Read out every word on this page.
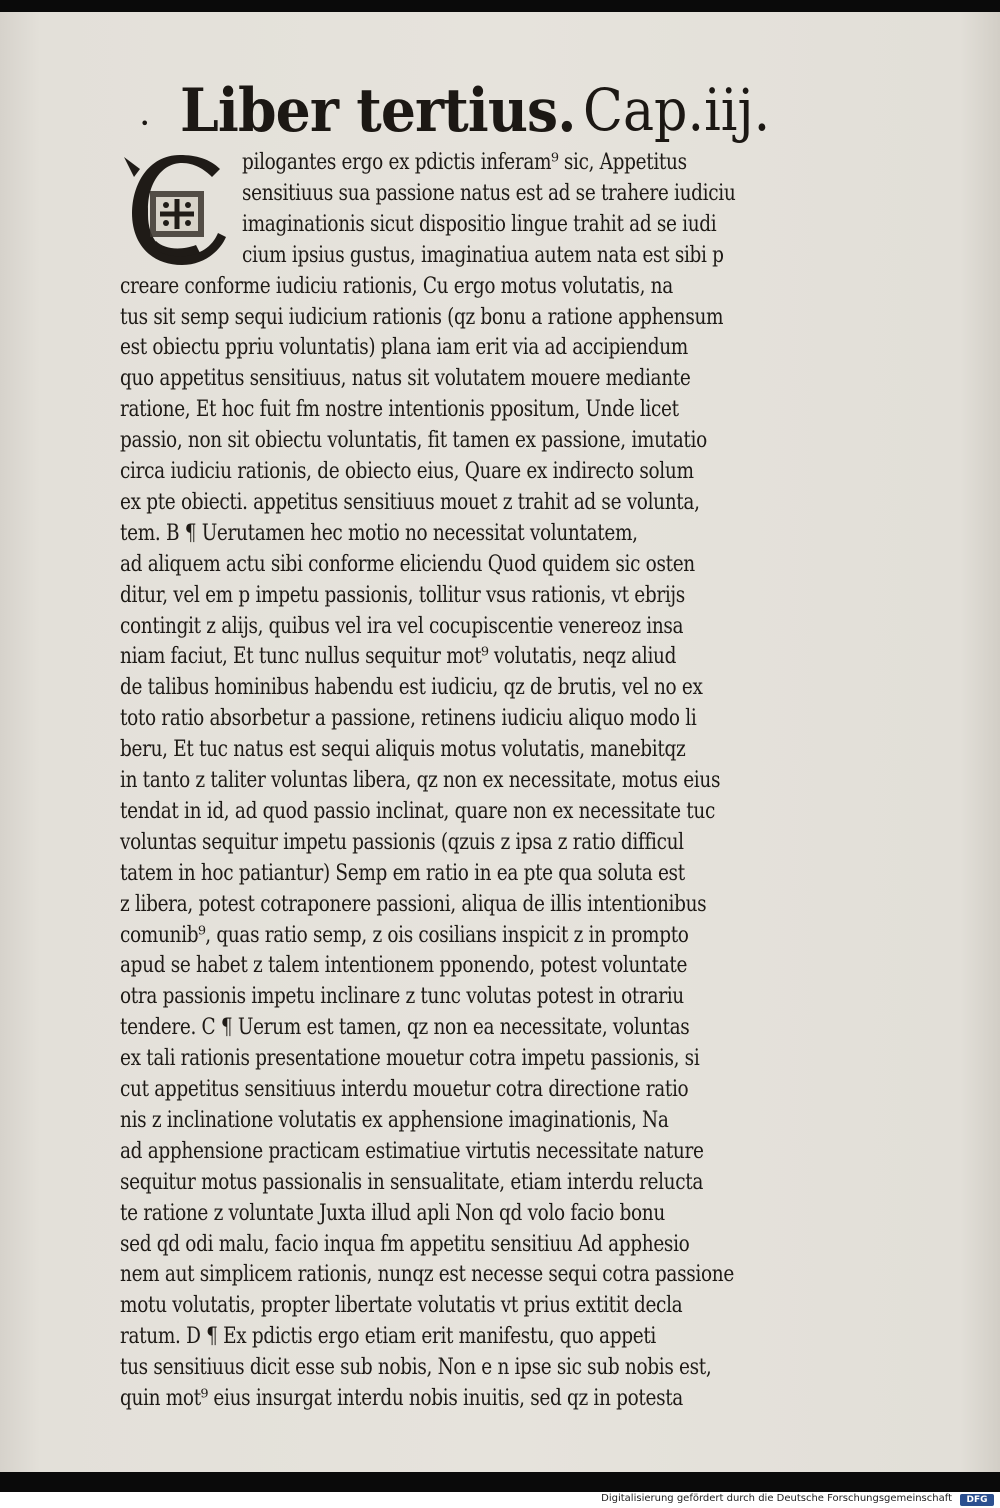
• Liber tertius. Cap.iij.
pilogantes ergo ex pdictis inferam⁹ sic, Appetitus
sensitiuus sua passione natus est ad se trahere iudiciu
imaginationis sicut dispositio lingue trahit ad se iudi
cium ipsius gustus, imaginatiua autem nata est sibi p
creare conforme iudiciu rationis, Cu ergo motus volutatis, na
tus sit semp sequi iudicium rationis (qz bonu a ratione apphensum
est obiectu ppriu voluntatis) plana iam erit via ad accipiendum
quo appetitus sensitiuus, natus sit volutatem mouere mediante
ratione, Et hoc fuit fm nostre intentionis ppositum, Unde licet
passio, non sit obiectu voluntatis, fit tamen ex passione, imutatio
circa iudiciu rationis, de obiecto eius, Quare ex indirecto solum
ex pte obiecti. appetitus sensitiuus mouet z trahit ad se volunta,
tem. B ¶ Uerutamen hec motio no necessitat voluntatem,
ad aliquem actu sibi conforme eliciendu Quod quidem sic osten
ditur, vel em p impetu passionis, tollitur vsus rationis, vt ebrijs
contingit z alijs, quibus vel ira vel cocupiscentie venereoz insa
niam faciut, Et tunc nullus sequitur mot⁹ volutatis, neqz aliud
de talibus hominibus habendu est iudiciu, qz de brutis, vel no ex
toto ratio absorbetur a passione, retinens iudiciu aliquo modo li
beru, Et tuc natus est sequi aliquis motus volutatis, manebitqz
in tanto z taliter voluntas libera, qz non ex necessitate, motus eius
tendat in id, ad quod passio inclinat, quare non ex necessitate tuc
voluntas sequitur impetu passionis (qzuis z ipsa z ratio difficul
tatem in hoc patiantur) Semp em ratio in ea pte qua soluta est
z libera, potest cotraponere passioni, aliqua de illis intentionibus
comunib⁹, quas ratio semp, z ois cosilians inspicit z in prompto
apud se habet z talem intentionem pponendo, potest voluntate
otra passionis impetu inclinare z tunc volutas potest in otrariu
tendere. C ¶ Uerum est tamen, qz non ea necessitate, voluntas
ex tali rationis presentatione mouetur cotra impetu passionis, si
cut appetitus sensitiuus interdu mouetur cotra directione ratio
nis z inclinatione volutatis ex apphensione imaginationis, Na
ad apphensione practicam estimatiue virtutis necessitate nature
sequitur motus passionalis in sensualitate, etiam interdu relucta
te ratione z voluntate Juxta illud apli Non qd volo facio bonu
sed qd odi malu, facio inqua fm appetitu sensitiuu Ad apphesio
nem aut simplicem rationis, nunqz est necesse sequi cotra passione
motu volutatis, propter libertate volutatis vt prius extitit decla
ratum. D ¶ Ex pdictis ergo etiam erit manifestu, quo appeti
tus sensitiuus dicit esse sub nobis, Non e n ipse sic sub nobis est,
quin mot⁹ eius insurgat interdu nobis inuitis, sed qz in potesta
Digitalisierung gefördert durch die Deutsche Forschungsgemeinschaft	DFG
